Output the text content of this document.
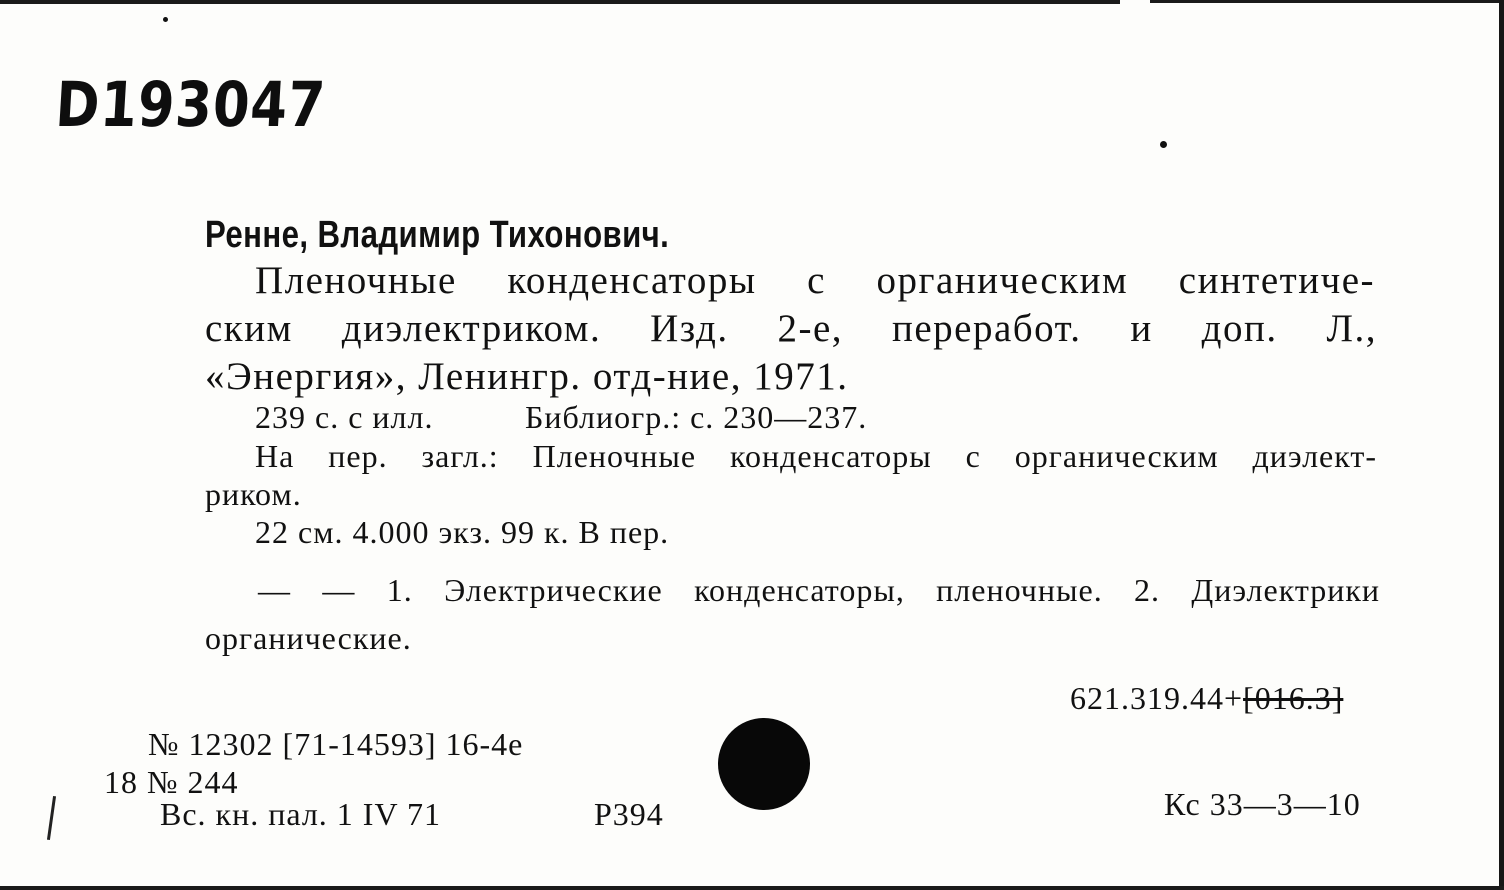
D193047
Ренне, Владимир Тихонович.
Пленочные конденсаторы с органическим синтетиче-
ским диэлектриком. Изд. 2-е, переработ. и доп. Л.,
«Энергия», Ленингр. отд-ние, 1971.
239 с. с илл.	Библиогр.: с. 230—237.
На пер. загл.: Пленочные конденсаторы с органическим диэлект-
риком.
22 см. 4.000 экз. 99 к. В пер.
— — 1. Электрические конденсаторы, пленочные. 2. Диэлектрики
органические.
621.319.44+[016.3]
№ 12302 [71-14593] 16-4е
18 № 244
Вс. кн. пал. 1 IV 71	Р394	Кс 33—3—10
